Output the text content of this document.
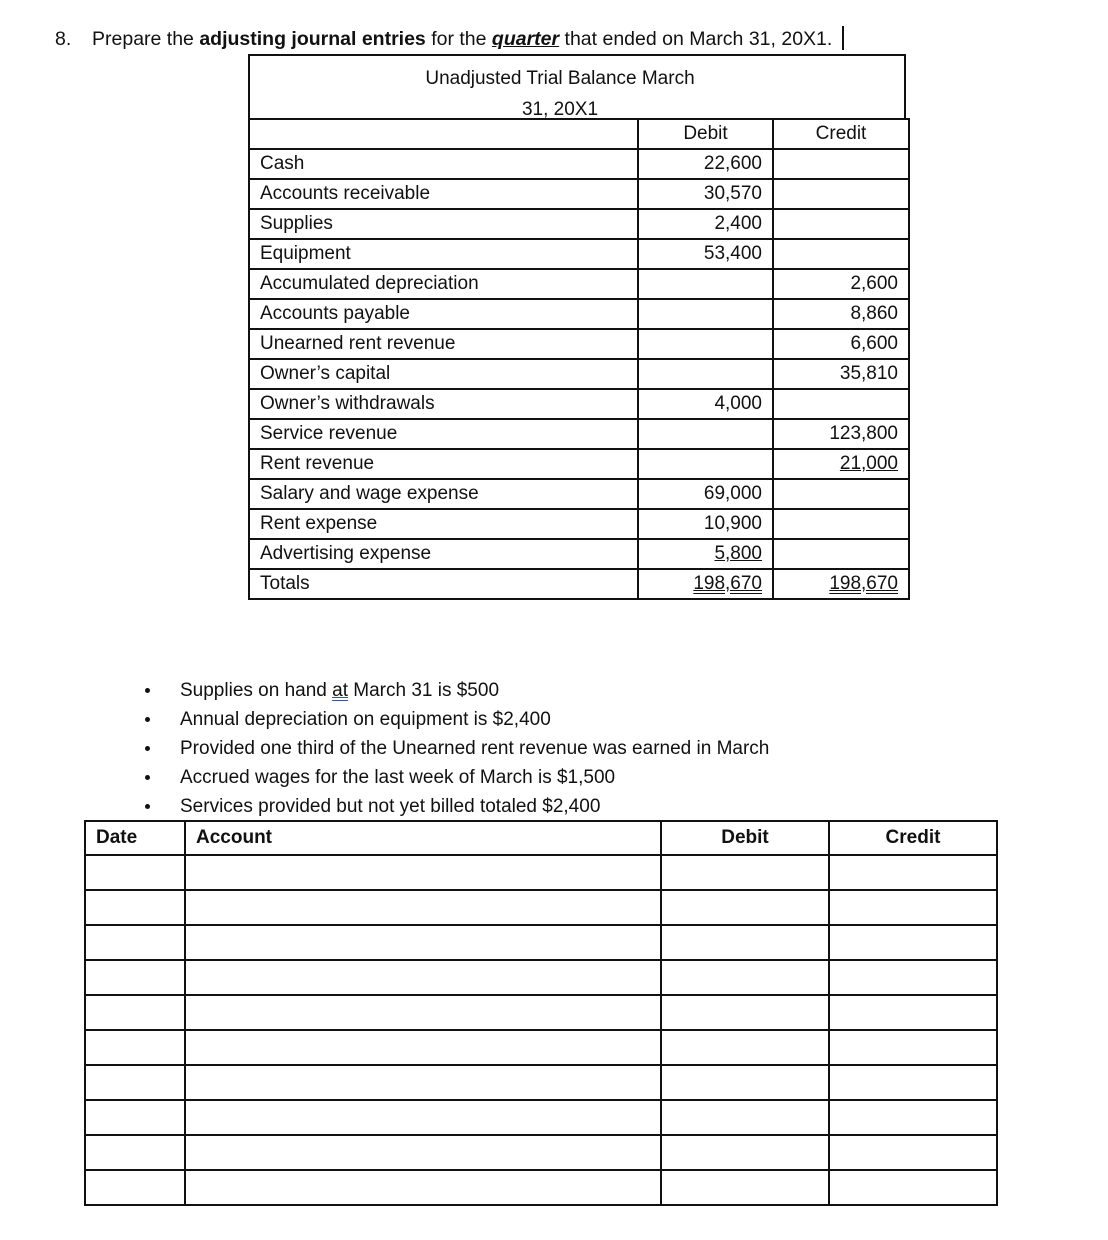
8. Prepare the adjusting journal entries for the quarter that ended on March 31, 20X1.
Unadjusted Trial Balance March
31, 20X1
	Debit	Credit
Cash	22,600	
Accounts receivable	30,570	
Supplies	2,400	
Equipment	53,400	
Accumulated depreciation		2,600
Accounts payable		8,860
Unearned rent revenue		6,600
Owner’s capital		35,810
Owner’s withdrawals	4,000	
Service revenue		123,800
Rent revenue		21,000
Salary and wage expense	69,000	
Rent expense	10,900	
Advertising expense	5,800	
Totals	198,670	198,670
Supplies on hand at March 31 is $500
Annual depreciation on equipment is $2,400
Provided one third of the Unearned rent revenue was earned in March
Accrued wages for the last week of March is $1,500
Services provided but not yet billed totaled $2,400
Date	Account	Debit	Credit
